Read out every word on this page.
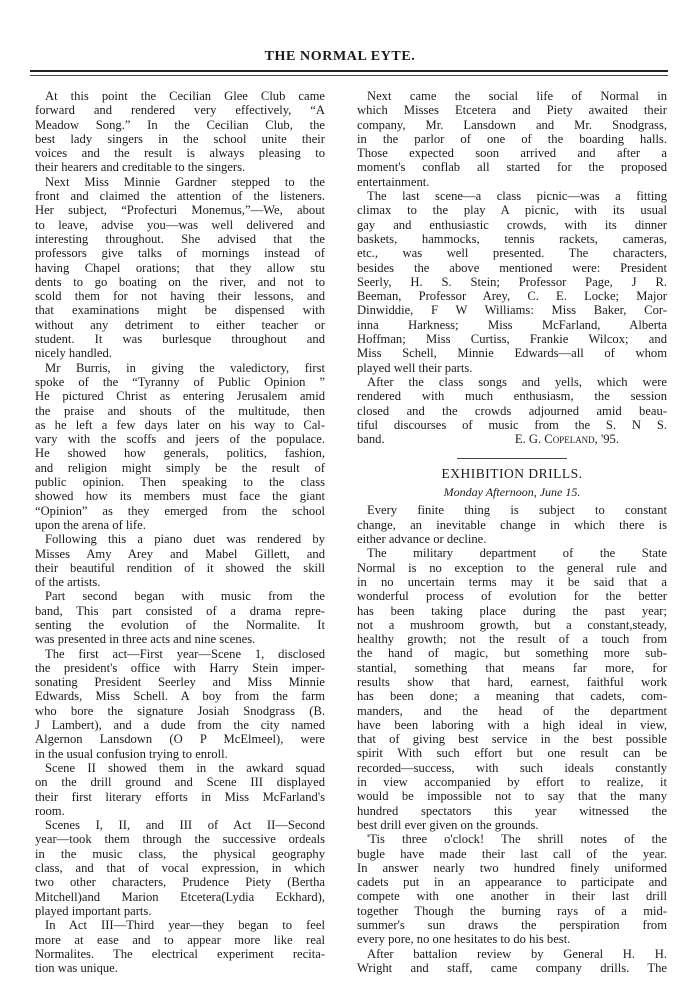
THE NORMAL EYTE.
At this point the Cecilian Glee Club came
forward and rendered very effectively, “A
Meadow Song.” In the Cecilian Club, the
best lady singers in the school unite their
voices and the result is always pleasing to
their hearers and creditable to the singers.
Next Miss Minnie Gardner stepped to the
front and claimed the attention of the listeners.
Her subject, “Profecturi Monemus,”—We, about
to leave, advise you—was well delivered and
interesting throughout. She advised that the
professors give talks of mornings instead of
having Chapel orations; that they allow stu
dents to go boating on the river, and not to
scold them for not having their lessons, and
that examinations might be dispensed with
without any detriment to either teacher or
student. It was burlesque throughout and
nicely handled.
Mr Burris, in giving the valedictory, first
spoke of the “Tyranny of Public Opinion ”
He pictured Christ as entering Jerusalem amid
the praise and shouts of the multitude, then
as he left a few days later on his way to Cal-
vary with the scoffs and jeers of the populace.
He showed how generals, politics, fashion,
and religion might simply be the result of
public opinion. Then speaking to the class
showed how its members must face the giant
“Opinion” as they emerged from the school
upon the arena of life.
Following this a piano duet was rendered by
Misses Amy Arey and Mabel Gillett, and
their beautiful rendition of it showed the skill
of the artists.
Part second began with music from the
band, This part consisted of a drama repre-
senting the evolution of the Normalite. It
was presented in three acts and nine scenes.
The first act—First year—Scene 1, disclosed
the president's office with Harry Stein imper-
sonating President Seerley and Miss Minnie
Edwards, Miss Schell. A boy from the farm
who bore the signature Josiah Snodgrass (B.
J Lambert), and a dude from the city named
Algernon Lansdown (O P McElmeel), were
in the usual confusion trying to enroll.
Scene II showed them in the awkard squad
on the drill ground and Scene III displayed
their first literary efforts in Miss McFarland's
room.
Scenes I, II, and III of Act II—Second
year—took them through the successive ordeals
in the music class, the physical geography
class, and that of vocal expression, in which
two other characters, Prudence Piety (Bertha
Mitchell)and Marion Etcetera(Lydia Eckhard),
played important parts.
In Act III—Third year—they began to feel
more at ease and to appear more like real
Normalites. The electrical experiment recita-
tion was unique.
Next came the social life of Normal in
which Misses Etcetera and Piety awaited their
company, Mr. Lansdown and Mr. Snodgrass,
in the parlor of one of the boarding halls.
Those expected soon arrived and after a
moment's conflab all started for the proposed
entertainment.
The last scene—a class picnic—was a fitting
climax to the play A picnic, with its usual
gay and enthusiastic crowds, with its dinner
baskets, hammocks, tennis rackets, cameras,
etc., was well presented. The characters,
besides the above mentioned were: President
Seerly, H. S. Stein; Professor Page, J R.
Beeman, Professor Arey, C. E. Locke; Major
Dinwiddie, F W Williams: Miss Baker, Cor-
inna Harkness; Miss McFarland, Alberta
Hoffman; Miss Curtiss, Frankie Wilcox; and
Miss Schell, Minnie Edwards—all of whom
played well their parts.
After the class songs and yells, which were
rendered with much enthusiasm, the session
closed and the crowds adjourned amid beau-
tiful discourses of music from the S. N S.
band.	E. G. Copeland, '95.
EXHIBITION DRILLS.
Monday Afternoon, June 15.
Every finite thing is subject to constant
change, an inevitable change in which there is
either advance or decline.
The military department of the State
Normal is no exception to the general rule and
in no uncertain terms may it be said that a
wonderful process of evolution for the better
has been taking place during the past year;
not a mushroom growth, but a constant,steady,
healthy growth; not the result of a touch from
the hand of magic, but something more sub-
stantial, something that means far more, for
results show that hard, earnest, faithful work
has been done; a meaning that cadets, com-
manders, and the head of the department
have been laboring with a high ideal in view,
that of giving best service in the best possible
spirit With such effort but one result can be
recorded—success, with such ideals constantly
in view accompanied by effort to realize, it
would be impossible not to say that the many
hundred spectators this year witnessed the
best drill ever given on the grounds.
'Tis three o'clock! The shrill notes of the
bugle have made their last call of the year.
In answer nearly two hundred finely uniformed
cadets put in an appearance to participate and
compete with one another in their last drill
together Though the burning rays of a mid-
summer's sun draws the perspiration from
every pore, no one hesitates to do his best.
After battalion review by General H. H.
Wright and staff, came company drills. The
